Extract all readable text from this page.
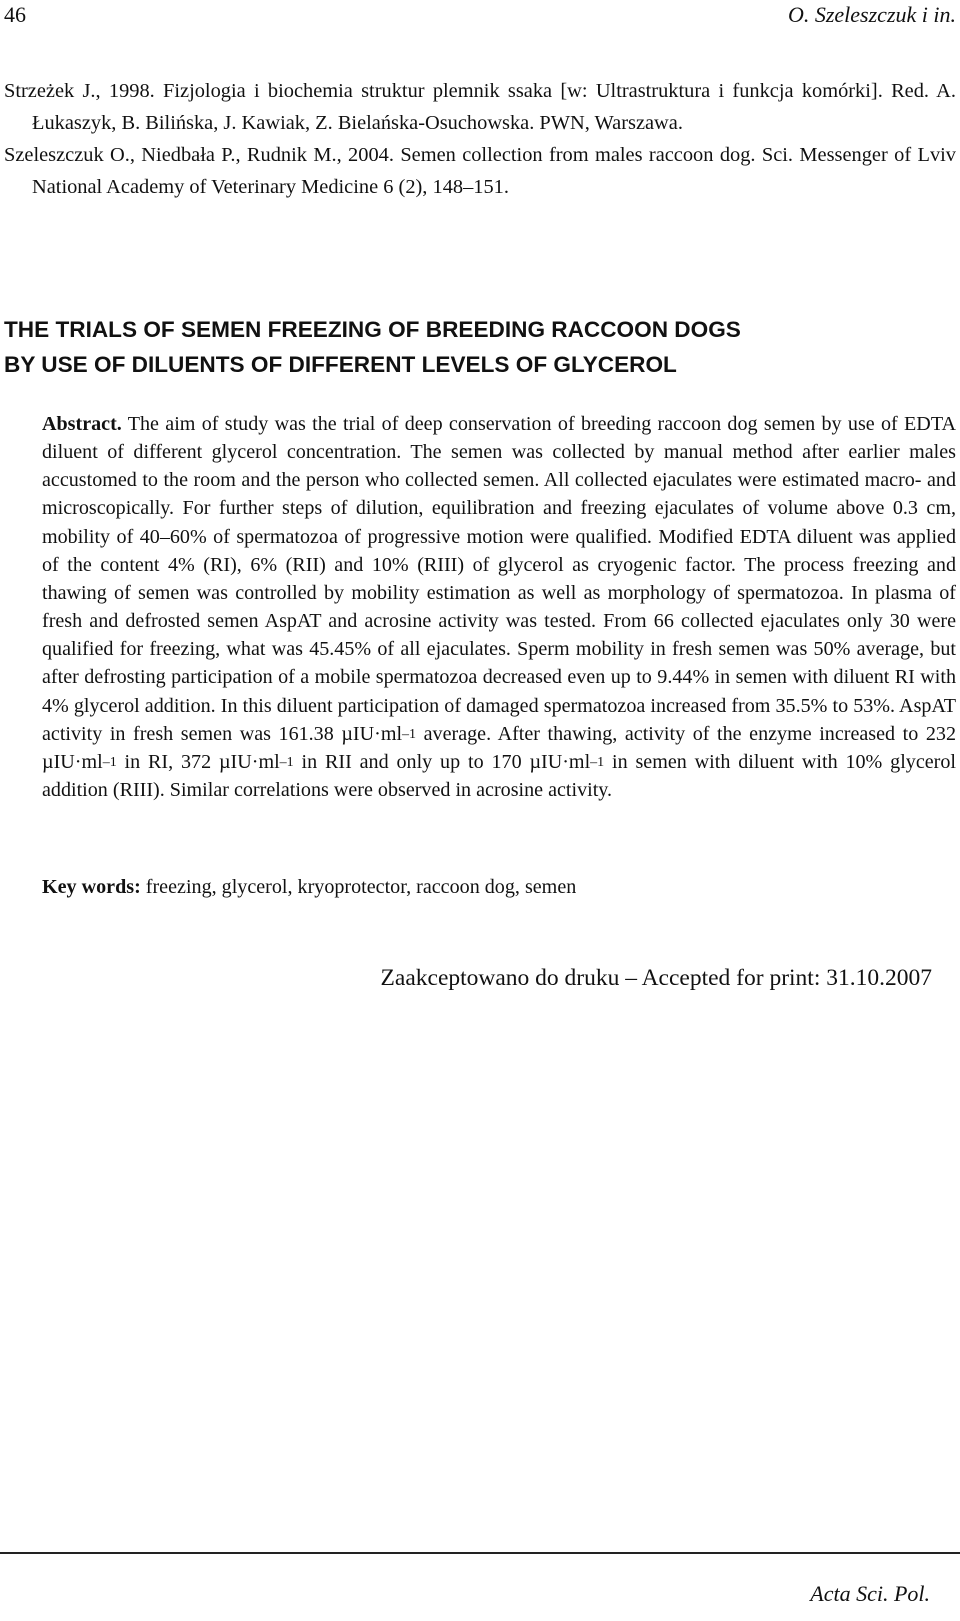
46	O. Szeleszczuk i in.

Strzeżek J., 1998. Fizjologia i biochemia struktur plemnik ssaka [w: Ultrastruktura i funkcja komórki]. Red. A. Łukaszyk, B. Bilińska, J. Kawiak, Z. Bielańska-Osuchowska. PWN, Warszawa.

Szeleszczuk O., Niedbała P., Rudnik M., 2004. Semen collection from males raccoon dog. Sci. Messenger of Lviv National Academy of Veterinary Medicine 6 (2), 148–151.

THE TRIALS OF SEMEN FREEZING OF BREEDING RACCOON DOGS
BY USE OF DILUENTS OF DIFFERENT LEVELS OF GLYCEROL

Abstract. The aim of study was the trial of deep conservation of breeding raccoon dog semen by use of EDTA diluent of different glycerol concentration. The semen was collected by manual method after earlier males accustomed to the room and the person who collected semen. All collected ejaculates were estimated macro- and microscopically. For further steps of dilution, equilibration and freezing ejaculates of volume above 0.3 cm, mobility of 40–60% of spermatozoa of progressive motion were qualified. Modified EDTA diluent was applied of the content 4% (RI), 6% (RII) and 10% (RIII) of glycerol as cryogenic factor. The process freezing and thawing of semen was controlled by mobility estimation as well as morphology of spermatozoa. In plasma of fresh and defrosted semen AspAT and acrosine activity was tested. From 66 collected ejaculates only 30 were qualified for freezing, what was 45.45% of all ejaculates. Sperm mobility in fresh semen was 50% average, but after defrosting participation of a mobile spermatozoa decreased even up to 9.44% in semen with diluent RI with 4% glycerol addition. In this diluent participation of damaged spermatozoa increased from 35.5% to 53%. AspAT activity in fresh semen was 161.38 $\mu IU\cdot ml^{-1}$ average. After thawing, activity of the enzyme increased to 232 $\mu IU\cdot ml^{-1}$ in RI, 372 $\mu IU\cdot ml^{-1}$ in RII and only up to 170 $\mu IU\cdot ml^{-1}$ in semen with diluent with 10% glycerol addition (RIII). Similar correlations were observed in acrosine activity.

Key words: freezing, glycerol, kryoprotector, raccoon dog, semen

Zaakceptowano do druku – Accepted for print: 31.10.2007
Acta Sci. Pol.
